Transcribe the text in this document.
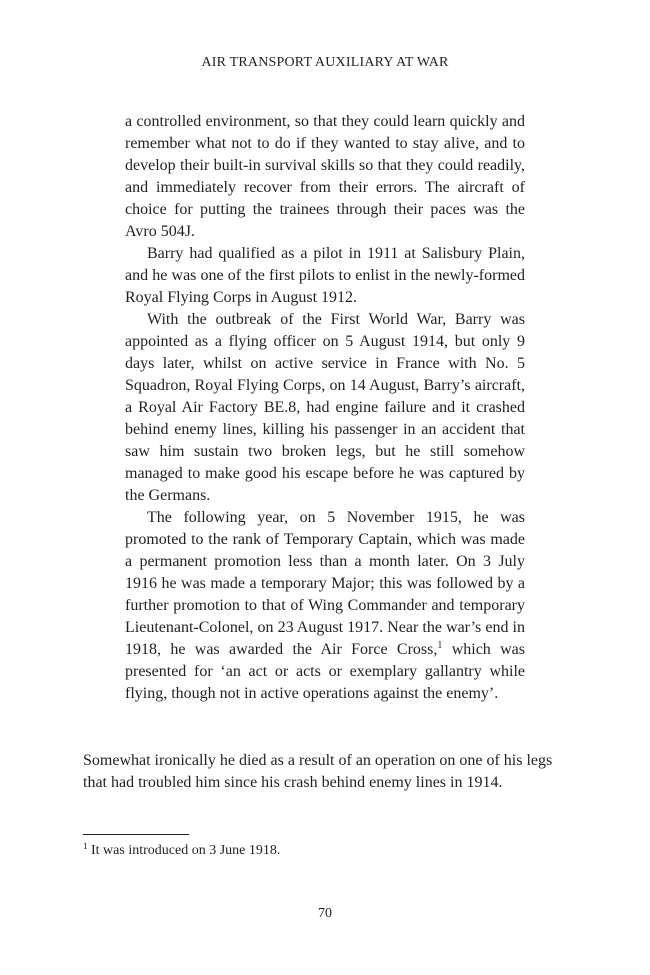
AIR TRANSPORT AUXILIARY AT WAR

a controlled environment, so that they could learn quickly and remember what not to do if they wanted to stay alive, and to develop their built-in survival skills so that they could readily, and immediately recover from their errors. The aircraft of choice for putting the trainees through their paces was the Avro 504J.

Barry had qualified as a pilot in 1911 at Salisbury Plain, and he was one of the first pilots to enlist in the newly-formed Royal Flying Corps in August 1912.

With the outbreak of the First World War, Barry was appointed as a flying officer on 5 August 1914, but only 9 days later, whilst on active service in France with No. 5 Squadron, Royal Flying Corps, on 14 August, Barry’s aircraft, a Royal Air Factory BE.8, had engine failure and it crashed behind enemy lines, killing his passenger in an accident that saw him sustain two broken legs, but he still somehow managed to make good his escape before he was captured by the Germans.

The following year, on 5 November 1915, he was promoted to the rank of Temporary Captain, which was made a permanent promotion less than a month later. On 3 July 1916 he was made a temporary Major; this was followed by a further promotion to that of Wing Commander and temporary Lieutenant-Colonel, on 23 August 1917. Near the war’s end in 1918, he was awarded the Air Force Cross,$^1$ which was presented for ‘an act or acts or exemplary gallantry while flying, though not in active operations against the enemy’.

Somewhat ironically he died as a result of an operation on one of his legs

that had troubled him since his crash behind enemy lines in 1914.

$^1$ It was introduced on 3 June 1918.
70
